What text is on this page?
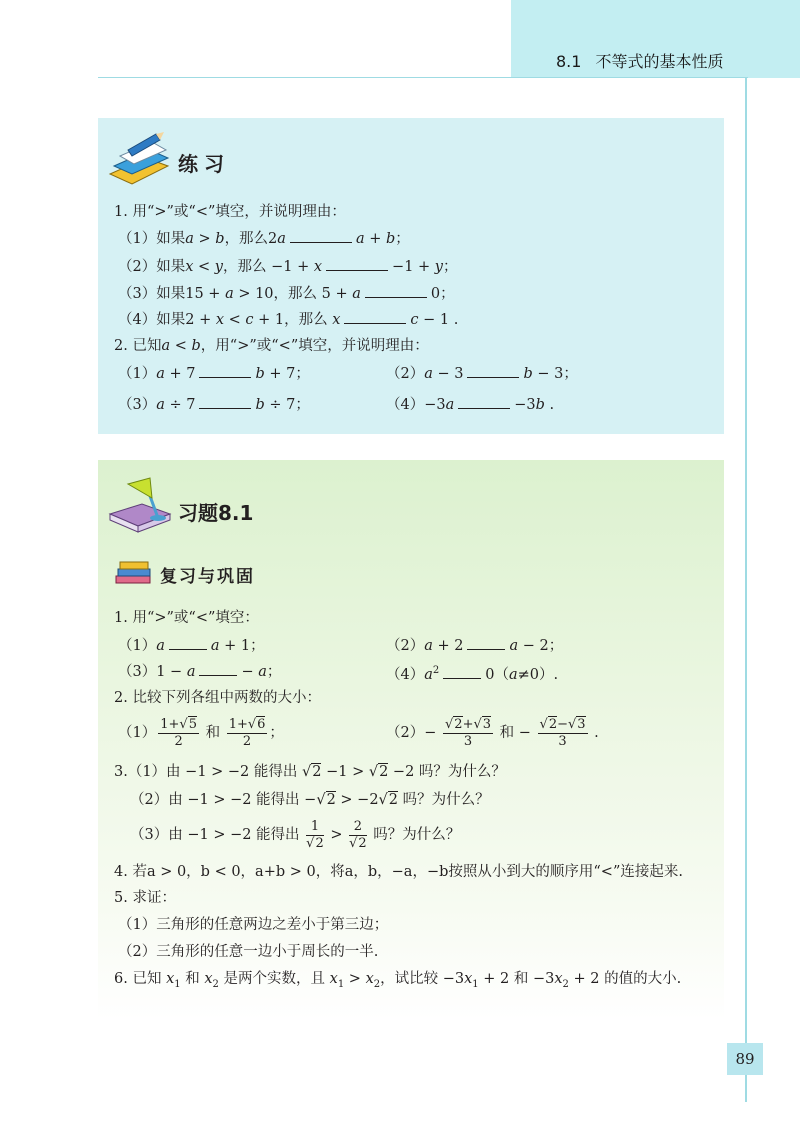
8.1 不等式的基本性质
练习
1. 用“>”或“<”填空，并说明理由：
（1）如果a > b，那么2a	a + b；
（2）如果x < y，那么 −1 + x	−1 + y；
（3）如果15 + a > 10，那么 5 + a	0；
（4）如果2 + x < c + 1，那么 x	c − 1 .
2. 已知a < b，用“>”或“<”填空，并说明理由：
（1）a + 7	b + 7；	（2）a − 3	b − 3；
（3）a ÷ 7	b ÷ 7；	（4）−3a	−3b .
习题8.1
复习与巩固
1. 用“>”或“<”填空：
（1）a	a + 1；	（2）a + 2	a − 2；
（3）1 − a	− a；	$(4)a^2$	0（a≠0）.
2. 比较下列各组中两数的大小：
$(1) \frac{1+√5}{2}$ 和 $\frac{1+√6}{2}$ ；	$(2)- \frac{√2+√3}{3}$ 和 − $\frac{√2-√3}{3}$ .
3.（1）由 −1 > −2 能得出 √2 −1 > √2 −2 吗？为什么？
（2）由 −1 > −2 能得出 −√2 > −2√2 吗？为什么？
（3）由 −1 > −2 能得出 $\frac{1}{√2} > \frac{2}{√2}$ 吗？为什么？
4. 若a > 0，b < 0，a+b > 0，将a，b，−a，−b按照从小到大的顺序用“<”连接起来.
5. 求证：
（1）三角形的任意两边之差小于第三边；
（2）三角形的任意一边小于周长的一半.
6. 已知 $x_1$ 和 $x_2$ 是两个实数，且 $x_1 > x_2$，试比较 $-3x_1 + 2$ 和 $-3x_2 + 2$ 的值的大小.
89
